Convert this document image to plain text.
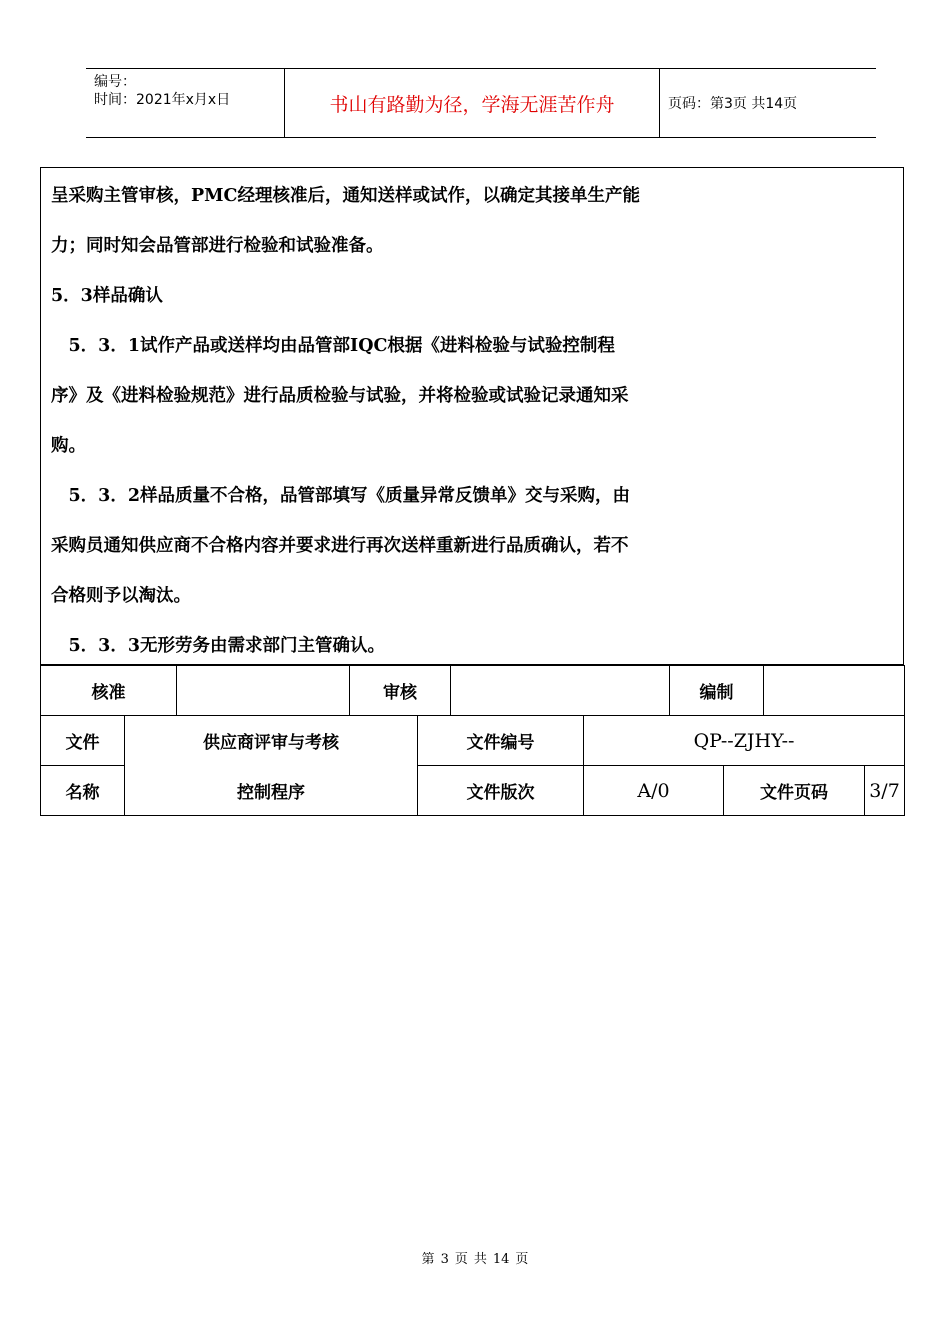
编号：
时间：2021年x月x日	书山有路勤为径，学海无涯苦作舟	页码：第3页 共14页
呈采购主管审核，PMC经理核准后，通知送样或试作，以确定其接单生产能
力；同时知会品管部进行检验和试验准备。
5．3样品确认
　5．3．1试作产品或送样均由品管部IQC根据《进料检验与试验控制程
序》及《进料检验规范》进行品质检验与试验，并将检验或试验记录通知采
购。
　5．3．2样品质量不合格，品管部填写《质量异常反馈单》交与采购，由
采购员通知供应商不合格内容并要求进行再次送样重新进行品质确认，若不
合格则予以淘汰。
　5．3．3无形劳务由需求部门主管确认。
核准			审核				编制			
文件	供应商评审与考核			文件编号		QP--ZJHY--				
名称	控制程序			文件版次		A/0		文件页码		3/7
第 3 页 共 14 页
